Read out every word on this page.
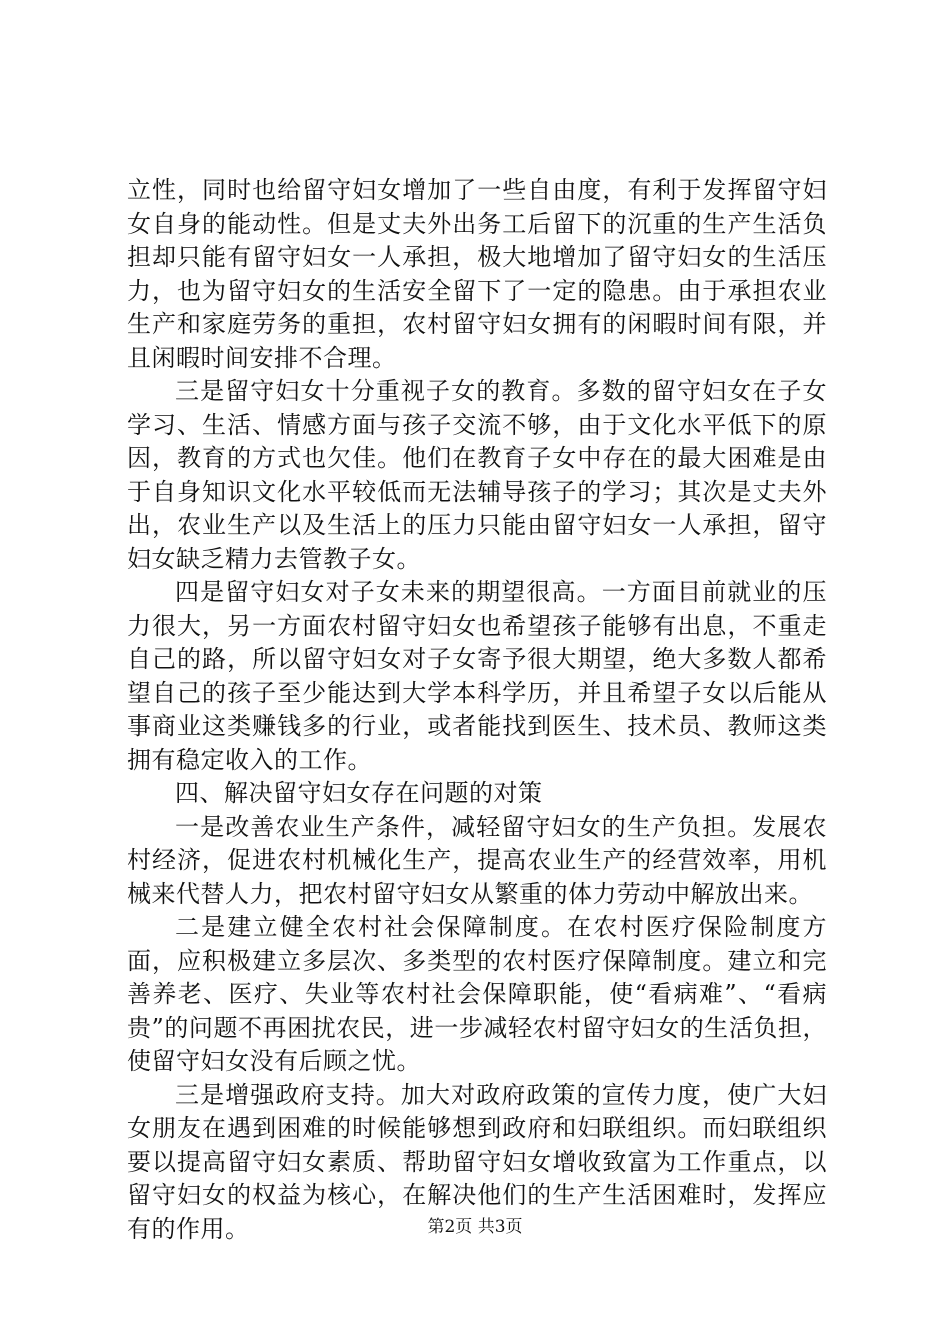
立性，同时也给留守妇女增加了一些自由度，有利于发挥留守妇女自身的能动性。但是丈夫外出务工后留下的沉重的生产生活负担却只能有留守妇女一人承担，极大地增加了留守妇女的生活压力，也为留守妇女的生活安全留下了一定的隐患。由于承担农业生产和家庭劳务的重担，农村留守妇女拥有的闲暇时间有限，并且闲暇时间安排不合理。

三是留守妇女十分重视子女的教育。多数的留守妇女在子女学习、生活、情感方面与孩子交流不够，由于文化水平低下的原因，教育的方式也欠佳。他们在教育子女中存在的最大困难是由于自身知识文化水平较低而无法辅导孩子的学习；其次是丈夫外出，农业生产以及生活上的压力只能由留守妇女一人承担，留守妇女缺乏精力去管教子女。

四是留守妇女对子女未来的期望很高。一方面目前就业的压力很大，另一方面农村留守妇女也希望孩子能够有出息，不重走自己的路，所以留守妇女对子女寄予很大期望，绝大多数人都希望自己的孩子至少能达到大学本科学历，并且希望子女以后能从事商业这类赚钱多的行业，或者能找到医生、技术员、教师这类拥有稳定收入的工作。

四、解决留守妇女存在问题的对策

一是改善农业生产条件，减轻留守妇女的生产负担。发展农村经济，促进农村机械化生产，提高农业生产的经营效率，用机械来代替人力，把农村留守妇女从繁重的体力劳动中解放出来。

二是建立健全农村社会保障制度。在农村医疗保险制度方面，应积极建立多层次、多类型的农村医疗保障制度。建立和完善养老、医疗、失业等农村社会保障职能，使“看病难”、“看病贵”的问题不再困扰农民，进一步减轻农村留守妇女的生活负担，使留守妇女没有后顾之忧。

三是增强政府支持。加大对政府政策的宣传力度，使广大妇女朋友在遇到困难的时候能够想到政府和妇联组织。而妇联组织要以提高留守妇女素质、帮助留守妇女增收致富为工作重点，以留守妇女的权益为核心，在解决他们的生产生活困难时，发挥应有的作用。	第2页 共3页
